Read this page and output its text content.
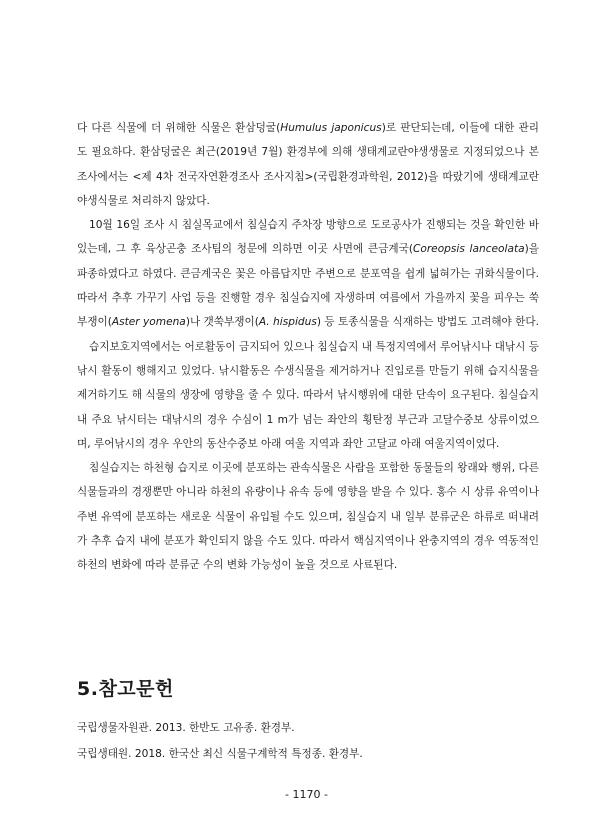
다 다른 식물에 더 위해한 식물은 환삼덩굴(Humulus japonicus)로 판단되는데, 이들에 대한 관리도 필요하다. 환삼덩굴은 최근(2019년 7월) 환경부에 의해 생태계교란야생생물로 지정되었으나 본 조사에서는 <제 4차 전국자연환경조사 조사지침>(국립환경과학원, 2012)을 따랐기에 생태계교란야생식물로 처리하지 않았다.

10월 16일 조사 시 침실목교에서 침실습지 주차장 방향으로 도로공사가 진행되는 것을 확인한 바 있는데, 그 후 육상곤충 조사팀의 청문에 의하면 이곳 사면에 큰금계국(Coreopsis lanceolata)을 파종하였다고 하였다. 큰금계국은 꽃은 아름답지만 주변으로 분포역을 쉽게 넓혀가는 귀화식물이다. 따라서 추후 가꾸기 사업 등을 진행할 경우 침실습지에 자생하며 여름에서 가을까지 꽃을 피우는 쑥부쟁이(Aster yomena)나 갯쑥부쟁이(A. hispidus) 등 토종식물을 식재하는 방법도 고려해야 한다.

습지보호지역에서는 어로활동이 금지되어 있으나 침실습지 내 특정지역에서 루어낚시나 대낚시 등 낚시 활동이 행해지고 있었다. 낚시활동은 수생식물을 제거하거나 진입로를 만들기 위해 습지식물을 제거하기도 해 식물의 생장에 영향을 줄 수 있다. 따라서 낚시행위에 대한 단속이 요구된다. 침실습지 내 주요 낚시터는 대낚시의 경우 수심이 1 m가 넘는 좌안의 횡탄정 부근과 고달수중보 상류이었으며, 루어낚시의 경우 우안의 동산수중보 아래 여울 지역과 좌안 고달교 아래 여울지역이었다.

침실습지는 하천형 습지로 이곳에 분포하는 관속식물은 사람을 포함한 동물들의 왕래와 행위, 다른 식물들과의 경쟁뿐만 아니라 하천의 유량이나 유속 등에 영향을 받을 수 있다. 홍수 시 상류 유역이나 주변 유역에 분포하는 새로운 식물이 유입될 수도 있으며, 침실습지 내 일부 분류군은 하류로 떠내려가 추후 습지 내에 분포가 확인되지 않을 수도 있다. 따라서 핵심지역이나 완충지역의 경우 역동적인 하천의 변화에 따라 분류군 수의 변화 가능성이 높을 것으로 사료된다.

5.참고문헌

국립생물자원관. 2013. 한반도 고유종. 환경부.

국립생태원. 2018. 한국산 최신 식물구계학적 특정종. 환경부.

- 1170 -
